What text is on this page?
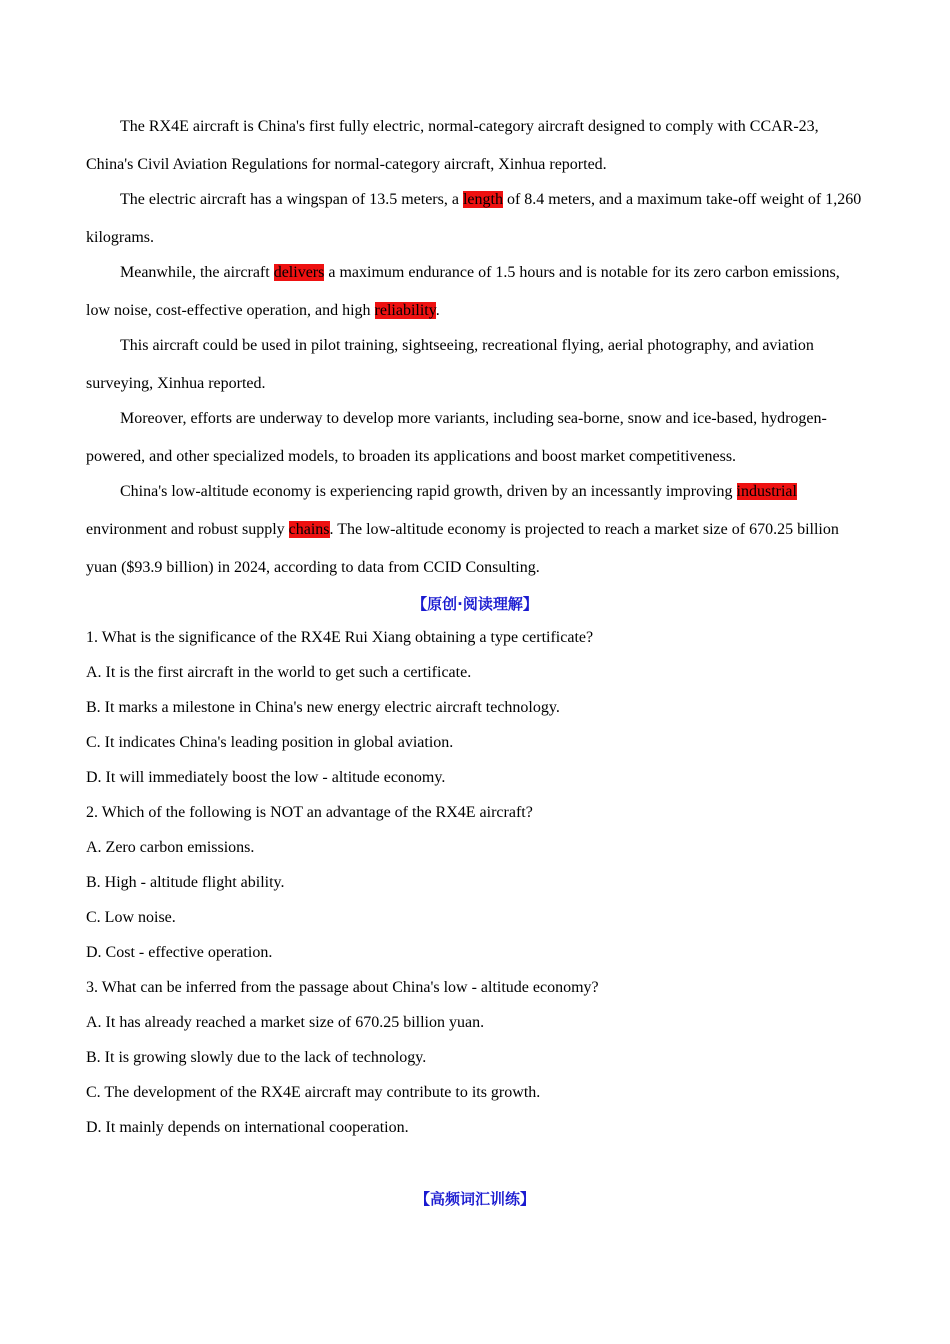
The RX4E aircraft is China's first fully electric, normal-category aircraft designed to comply with CCAR-23, China's Civil Aviation Regulations for normal-category aircraft, Xinhua reported.

The electric aircraft has a wingspan of 13.5 meters, a length of 8.4 meters, and a maximum take-off weight of 1,260 kilograms.

Meanwhile, the aircraft delivers a maximum endurance of 1.5 hours and is notable for its zero carbon emissions, low noise, cost-effective operation, and high reliability.

This aircraft could be used in pilot training, sightseeing, recreational flying, aerial photography, and aviation surveying, Xinhua reported.

Moreover, efforts are underway to develop more variants, including sea-borne, snow and ice-based, hydrogen-powered, and other specialized models, to broaden its applications and boost market competitiveness.

China's low-altitude economy is experiencing rapid growth, driven by an incessantly improving industrial environment and robust supply chains. The low-altitude economy is projected to reach a market size of 670.25 billion yuan ($93.9 billion) in 2024, according to data from CCID Consulting.

【原创·阅读理解】
1. What is the significance of the RX4E Rui Xiang obtaining a type certificate?
A. It is the first aircraft in the world to get such a certificate.
B. It marks a milestone in China's new energy electric aircraft technology.
C. It indicates China's leading position in global aviation.
D. It will immediately boost the low - altitude economy.
2. Which of the following is NOT an advantage of the RX4E aircraft?
A. Zero carbon emissions.
B. High - altitude flight ability.
C. Low noise.
D. Cost - effective operation.
3. What can be inferred from the passage about China's low - altitude economy?
A. It has already reached a market size of 670.25 billion yuan.
B. It is growing slowly due to the lack of technology.
C. The development of the RX4E aircraft may contribute to its growth.
D. It mainly depends on international cooperation.
【高频词汇训练】
